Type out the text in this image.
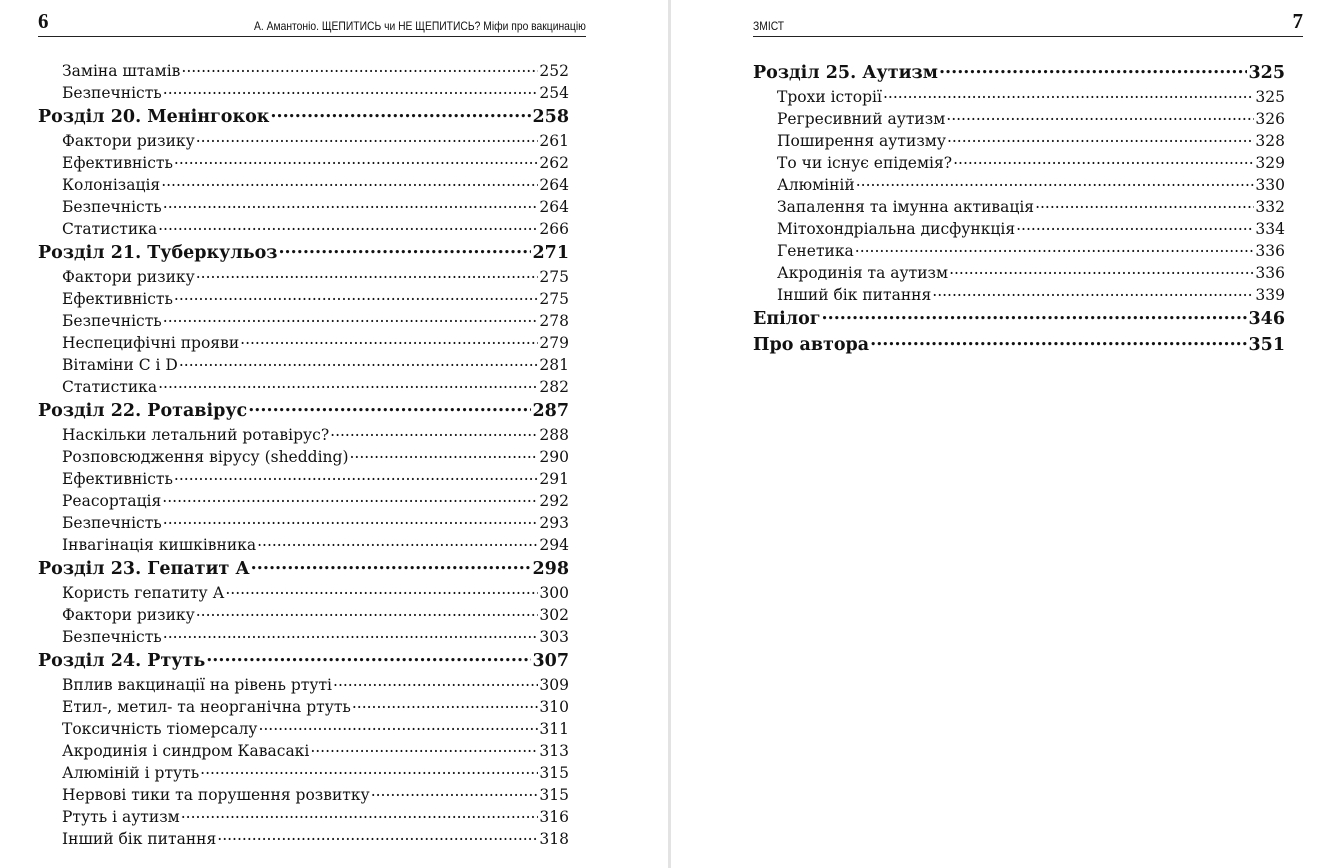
6	А. Амантоніо. ЩЕПИТИСЬ чи НЕ ЩЕПИТИСЬ? Міфи про вакцинацію
Заміна штамів .....	252
Безпечність .....	254
Розділ 20. Менінгокок .....	258
Фактори ризику .....	261
Ефективність .....	262
Колонізація .....	264
Безпечність .....	264
Статистика .....	266
Розділ 21. Туберкульоз .....	271
Фактори ризику .....	275
Ефективність .....	275
Безпечність .....	278
Неспецифічні прояви .....	279
Вітаміни C і D .....	281
Статистика .....	282
Розділ 22. Ротавірус .....	287
Наскільки летальний ротавірус? .....	288
Розповсюдження вірусу (shedding) .....	290
Ефективність .....	291
Реасортація .....	292
Безпечність .....	293
Інвагінація кишківника .....	294
Розділ 23. Гепатит А .....	298
Користь гепатиту А .....	300
Фактори ризику .....	302
Безпечність .....	303
Розділ 24. Ртуть .....	307
Вплив вакцинації на рівень ртуті .....	309
Етил-, метил- та неорганічна ртуть .....	310
Токсичність тіомерсалу .....	311
Акродинія і синдром Кавасакі .....	313
Алюміній і ртуть .....	315
Нервові тики та порушення розвитку .....	315
Ртуть і аутизм .....	316
Інший бік питання .....	318
ЗМІСТ	7
Розділ 25. Аутизм .....	325
Трохи історії .....	325
Регресивний аутизм .....	326
Поширення аутизму .....	328
То чи існує епідемія? .....	329
Алюміній .....	330
Запалення та імунна активація .....	332
Мітохондріальна дисфункція .....	334
Генетика .....	336
Акродинія та аутизм .....	336
Інший бік питання .....	339
Епілог .....	346
Про автора .....	351
